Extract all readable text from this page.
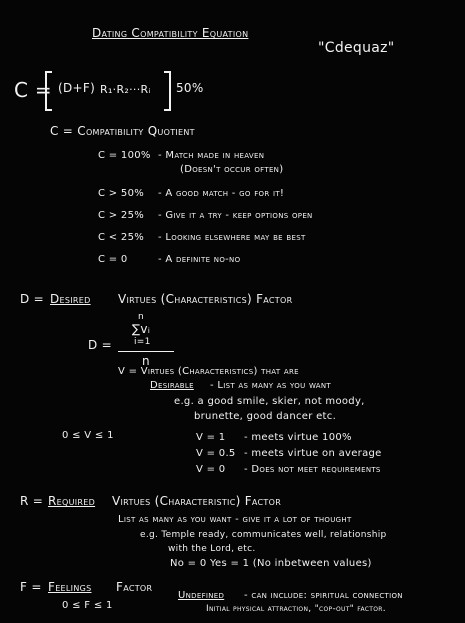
Dating Compatibility Equation
"Cdequaz"
C = (D+F) R₁·R₂···Rᵢ 50%
C = Compatibility Quotient
C = 100% - Match made in heaven
(Doesn't occur often)
C > 50% - A good match - go for it!
C > 25% - Give it a try - keep options open
C < 25% - Looking elsewhere may be best
C = 0	- A definite no-no
D = Desired Virtues (Characteristics) Factor
D =
n
∑vᵢ
i=1
n
V = Virtues (Characteristics) that are
Desirable - List as many as you want
e.g. a good smile, skier, not moody,
brunette, good dancer etc.
0 ≤ V ≤ 1	V = 1 - meets virtue 100%
V = 0.5 - meets virtue on average
V = 0 - Does not meet requirements
R = Required Virtues (Characteristic) Factor
List as many as you want - give it a lot of thought
e.g. Temple ready, communicates well, relationship
with the Lord, etc.
No = 0 Yes = 1 (No inbetween values)
F = Feelings Factor
0 ≤ F ≤ 1
Undefined - can include: spiritual connection
Initial physical attraction, "cop-out" factor.
